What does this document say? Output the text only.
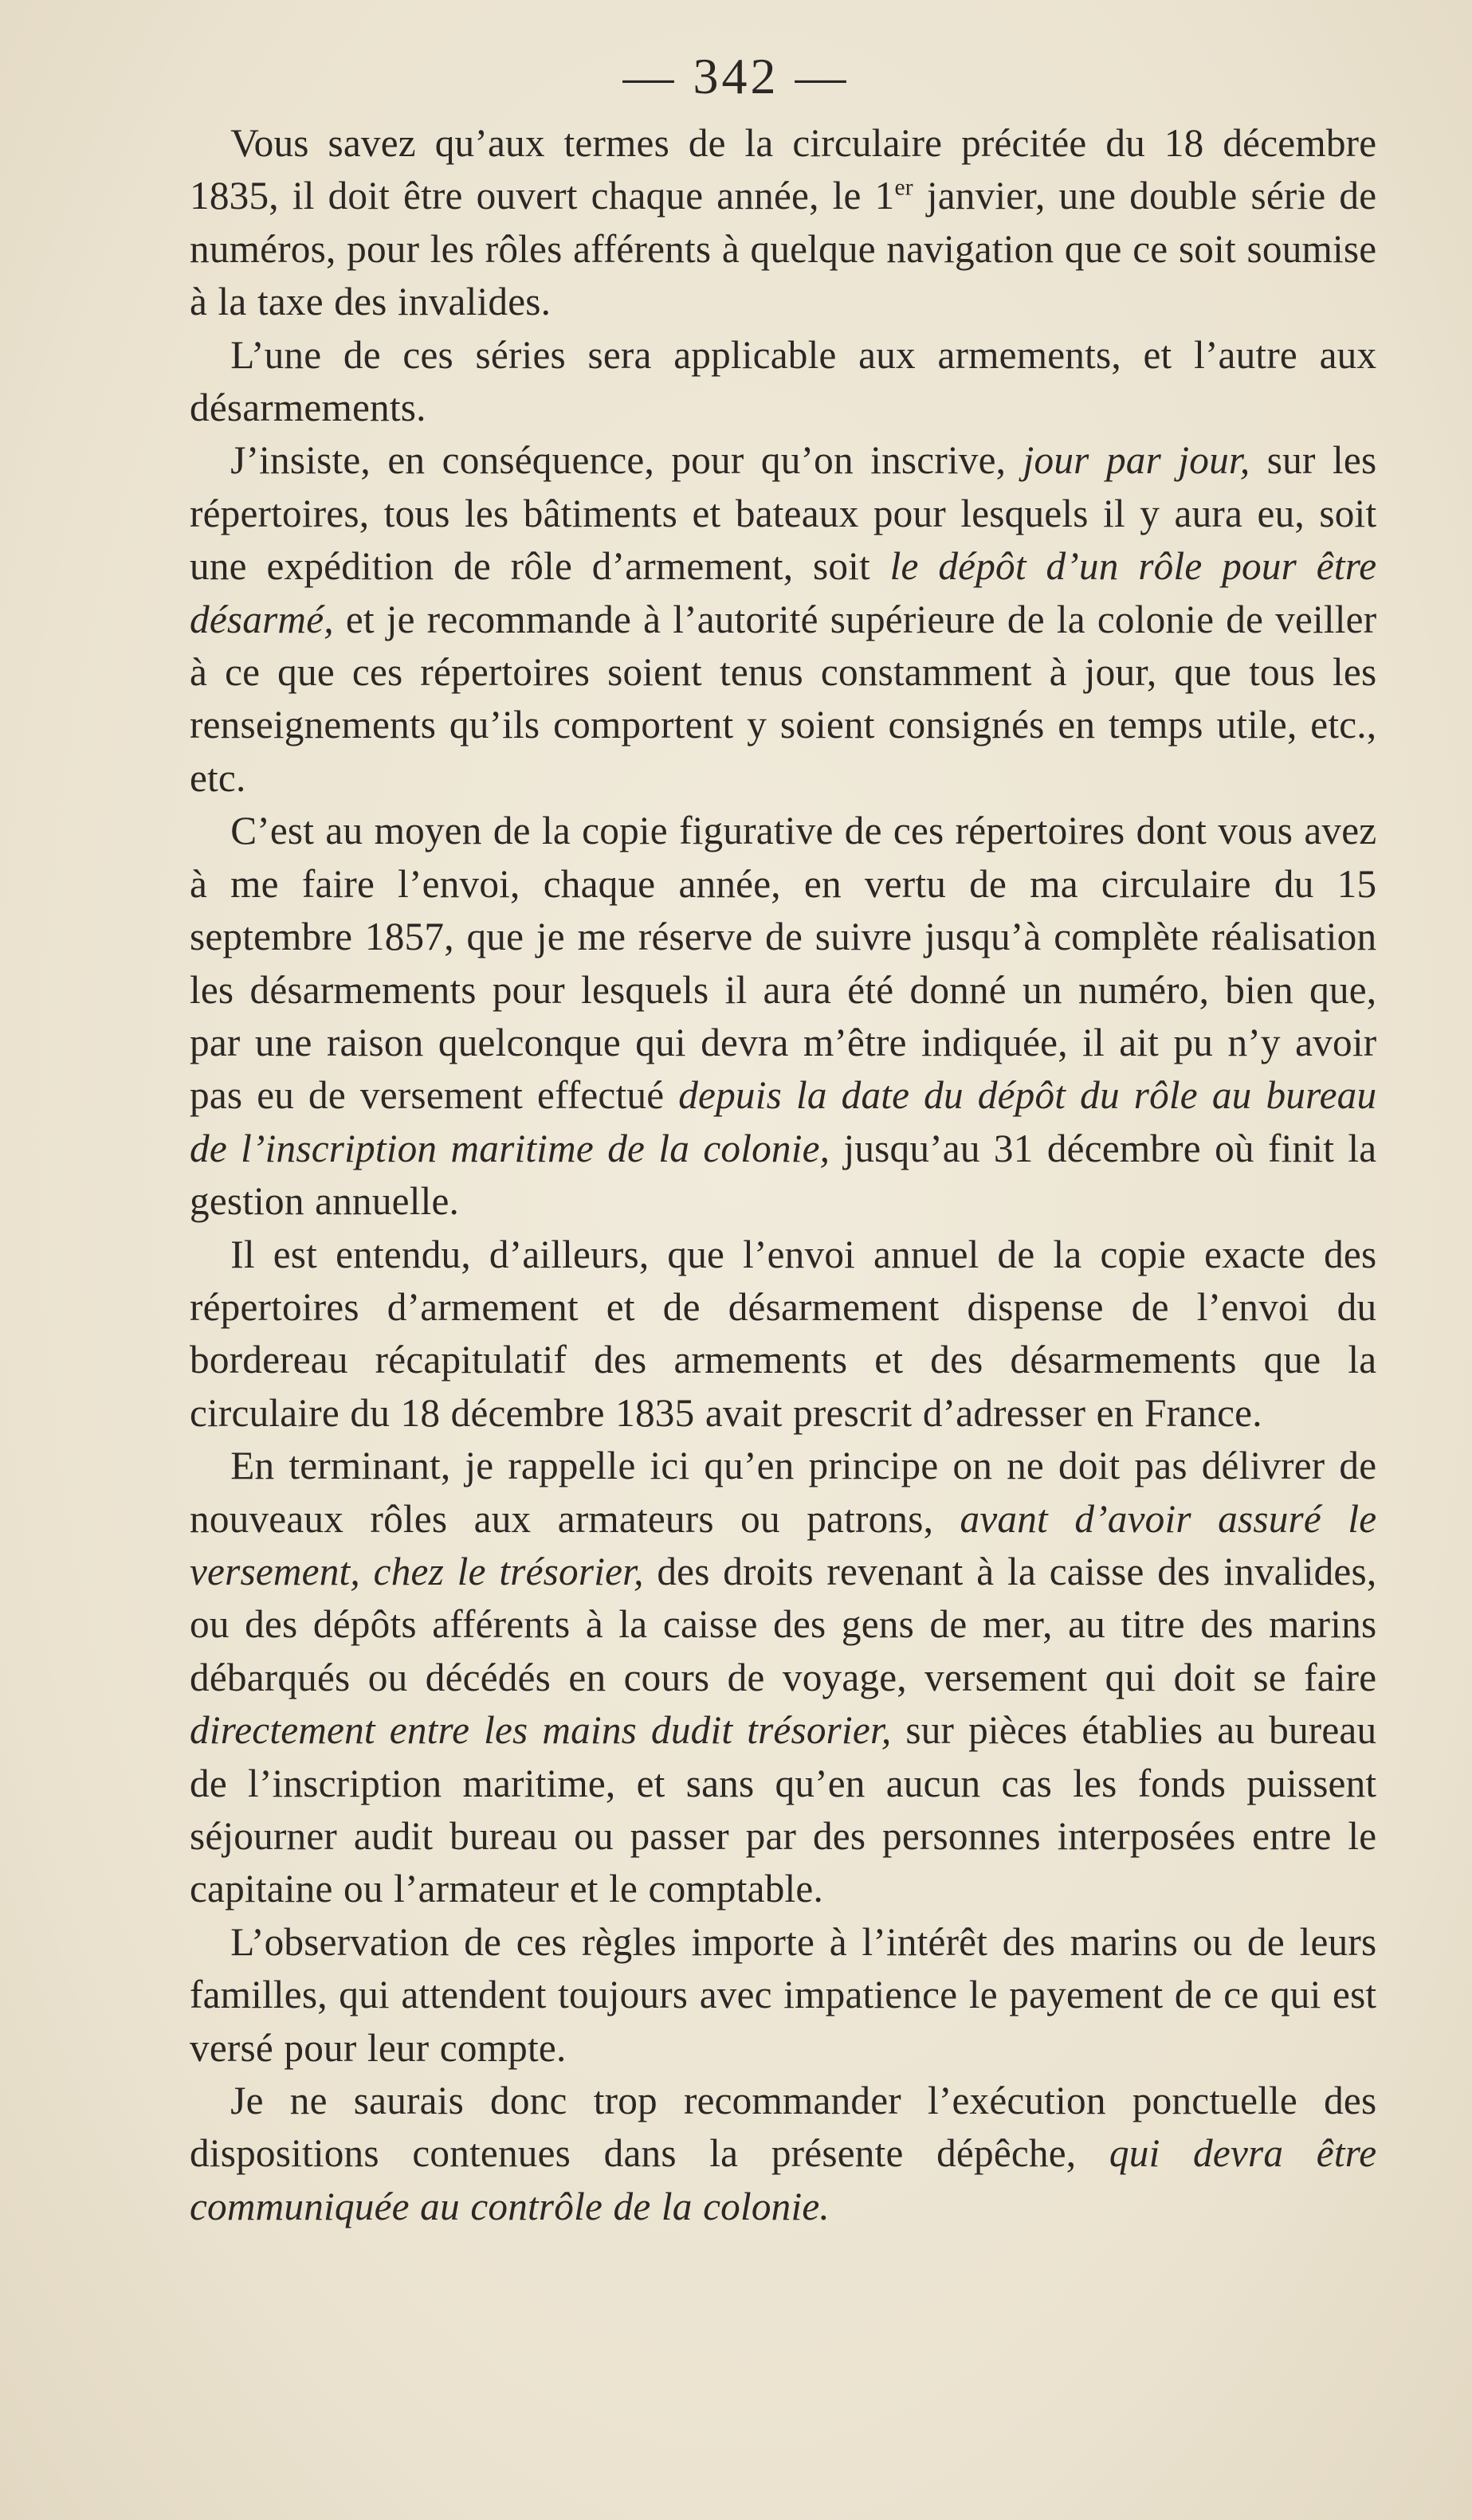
— 342 —

Vous savez qu’aux termes de la circulaire précitée du 18 décembre 1835, il doit être ouvert chaque année, le 1er janvier, une double série de numéros, pour les rôles afférents à quelque navigation que ce soit soumise à la taxe des invalides.

L’une de ces séries sera applicable aux armements, et l’autre aux désarmements.

J’insiste, en conséquence, pour qu’on inscrive, jour par jour, sur les répertoires, tous les bâtiments et bateaux pour lesquels il y aura eu, soit une expédition de rôle d’armement, soit le dépôt d’un rôle pour être désarmé, et je recommande à l’autorité supérieure de la colonie de veiller à ce que ces répertoires soient tenus constamment à jour, que tous les renseignements qu’ils comportent y soient consignés en temps utile, etc., etc.

C’est au moyen de la copie figurative de ces répertoires dont vous avez à me faire l’envoi, chaque année, en vertu de ma circulaire du 15 septembre 1857, que je me réserve de suivre jusqu’à complète réalisation les désarmements pour lesquels il aura été donné un numéro, bien que, par une raison quelconque qui devra m’être indiquée, il ait pu n’y avoir pas eu de versement effectué depuis la date du dépôt du rôle au bureau de l’inscription maritime de la colonie, jusqu’au 31 décembre où finit la gestion annuelle.

Il est entendu, d’ailleurs, que l’envoi annuel de la copie exacte des répertoires d’armement et de désarmement dispense de l’envoi du bordereau récapitulatif des armements et des désarmements que la circulaire du 18 décembre 1835 avait prescrit d’adresser en France.

En terminant, je rappelle ici qu’en principe on ne doit pas délivrer de nouveaux rôles aux armateurs ou patrons, avant d’avoir assuré le versement, chez le trésorier, des droits revenant à la caisse des invalides, ou des dépôts afférents à la caisse des gens de mer, au titre des marins débarqués ou décédés en cours de voyage, versement qui doit se faire directement entre les mains dudit trésorier, sur pièces établies au bureau de l’inscription maritime, et sans qu’en aucun cas les fonds puissent séjourner audit bureau ou passer par des personnes interposées entre le capitaine ou l’armateur et le comptable.

L’observation de ces règles importe à l’intérêt des marins ou de leurs familles, qui attendent toujours avec impatience le payement de ce qui est versé pour leur compte.

Je ne saurais donc trop recommander l’exécution ponctuelle des dispositions contenues dans la présente dépêche, qui devra être communiquée au contrôle de la colonie.
